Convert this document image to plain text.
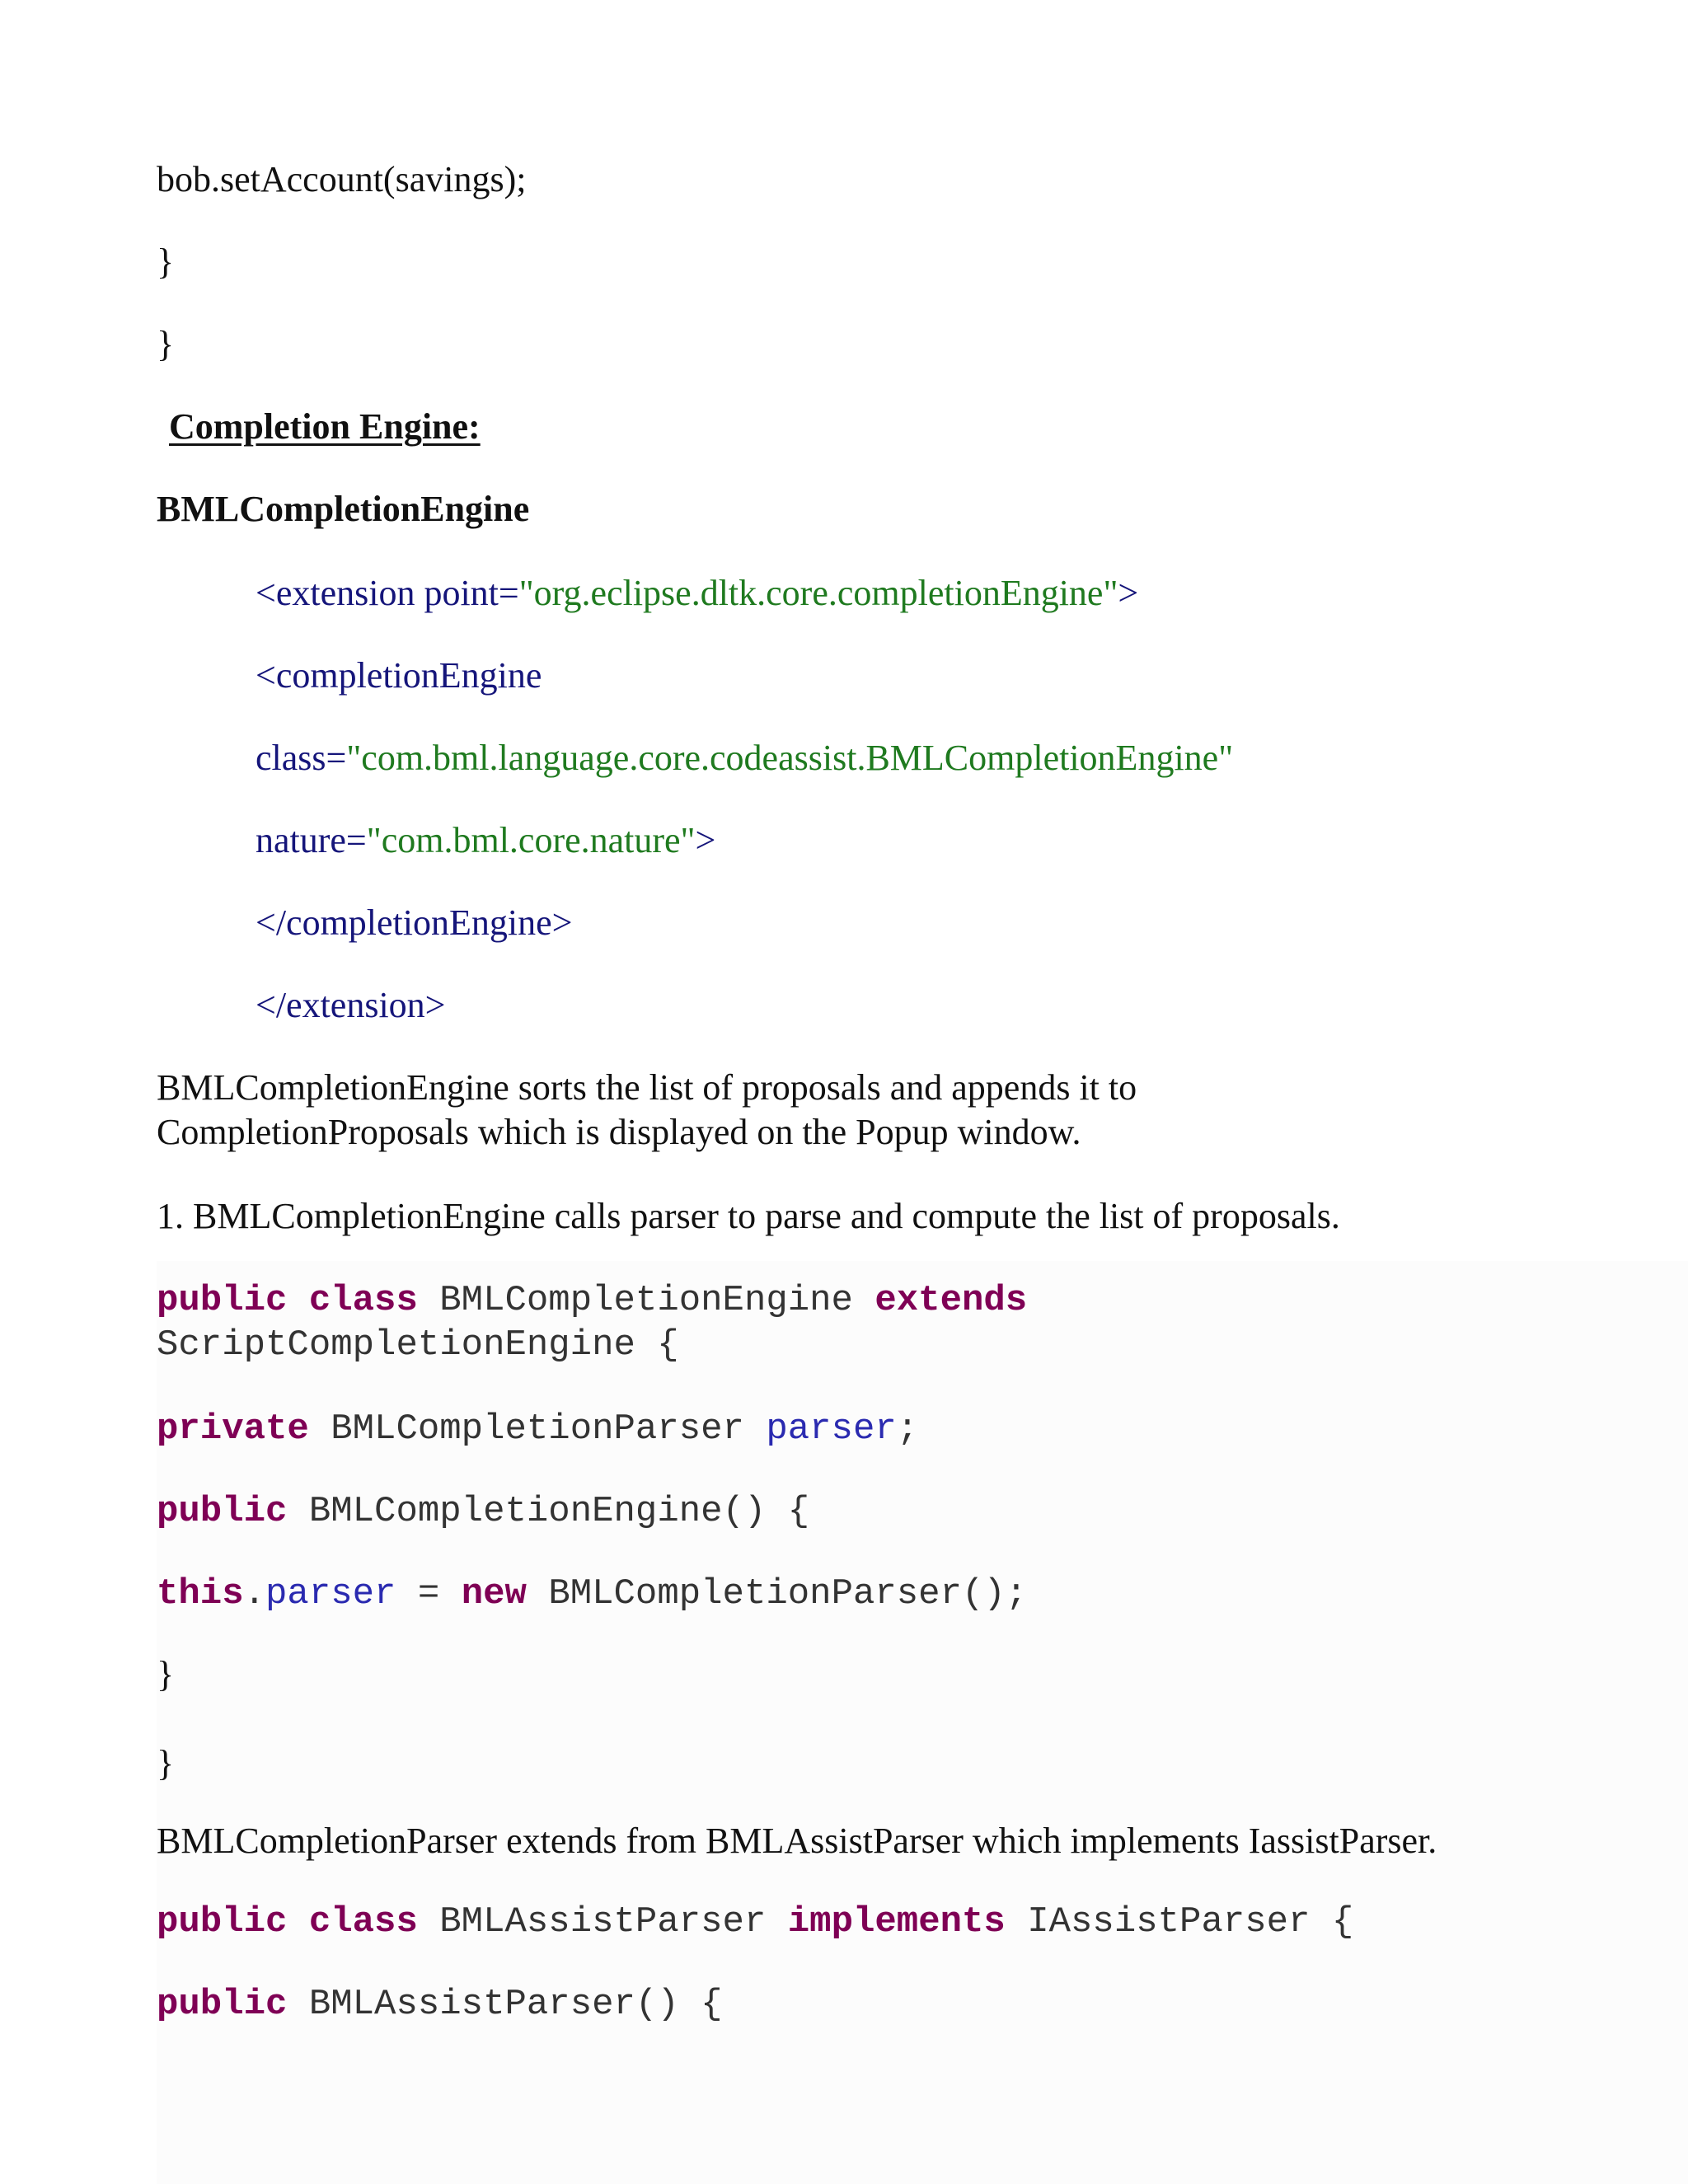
bob.setAccount(savings);
}
}
Completion Engine:
BMLCompletionEngine
<extension point="org.eclipse.dltk.core.completionEngine">
<completionEngine
class="com.bml.language.core.codeassist.BMLCompletionEngine"
nature="com.bml.core.nature">
</completionEngine>
</extension>
BMLCompletionEngine sorts the list of proposals and appends it to
CompletionProposals which is displayed on the Popup window.
1. BMLCompletionEngine calls parser to parse and compute the list of proposals.
public class BMLCompletionEngine extends
ScriptCompletionEngine {
private BMLCompletionParser parser;
public BMLCompletionEngine() {
this.parser = new BMLCompletionParser();
}
}
BMLCompletionParser extends from BMLAssistParser which implements IassistParser.
public class BMLAssistParser implements IAssistParser {
public BMLAssistParser() {
